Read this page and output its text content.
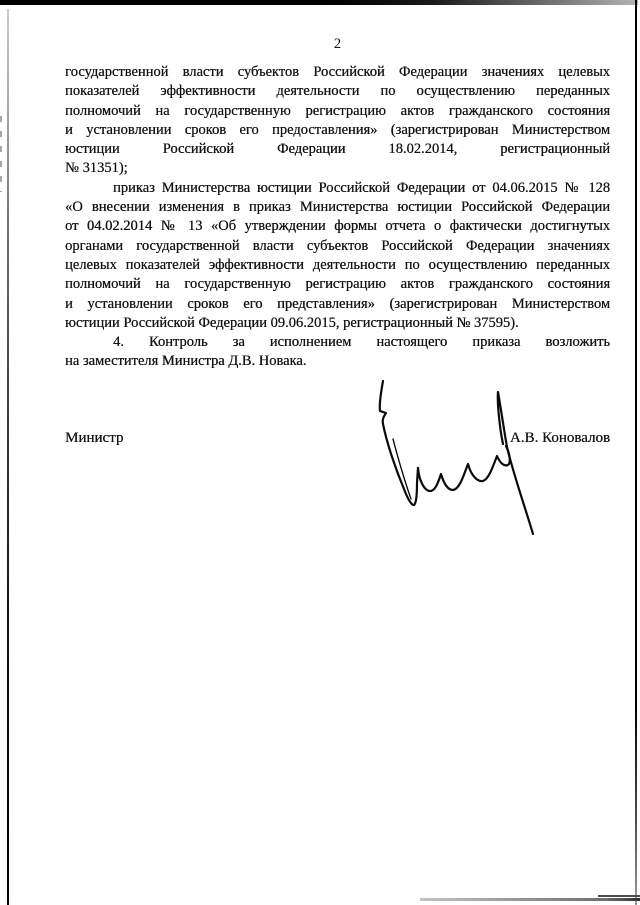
2
государственной власти субъектов Российской Федерации значениях целевых
показателей эффективности деятельности по осуществлению переданных
полномочий на государственную регистрацию актов гражданского состояния
и установлении сроков его предоставления» (зарегистрирован Министерством
юстиции Российской Федерации 18.02.2014, регистрационный
№ 31351);
приказ Министерства юстиции Российской Федерации от 04.06.2015 № 128
«О внесении изменения в приказ Министерства юстиции Российской Федерации
от 04.02.2014 № 13 «Об утверждении формы отчета о фактически достигнутых
органами государственной власти субъектов Российской Федерации значениях
целевых показателей эффективности деятельности по осуществлению переданных
полномочий на государственную регистрацию актов гражданского состояния
и установлении сроков его представления» (зарегистрирован Министерством
юстиции Российской Федерации 09.06.2015, регистрационный № 37595).
4. Контроль за исполнением настоящего приказа возложить
на заместителя Министра Д.В. Новака.
Министр	А.В. Коновалов
